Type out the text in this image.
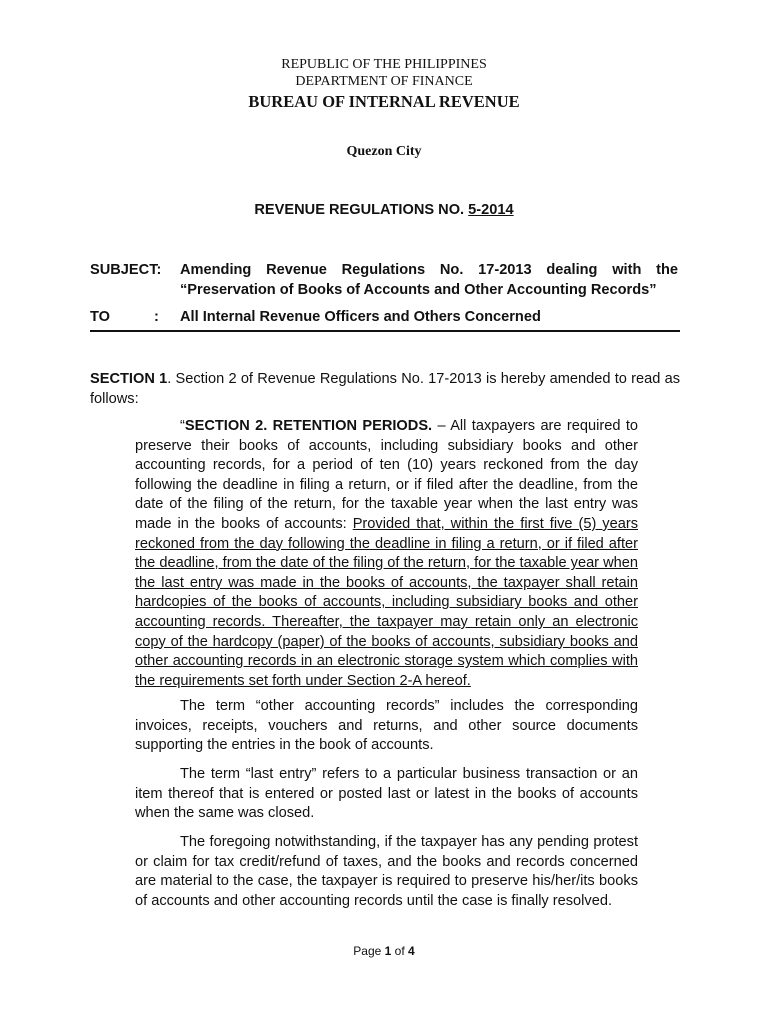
REPUBLIC OF THE PHILIPPINES
DEPARTMENT OF FINANCE
BUREAU OF INTERNAL REVENUE
Quezon City
REVENUE REGULATIONS NO. 5-2014
SUBJECT: Amending Revenue Regulations No. 17-2013 dealing with the
“Preservation of Books of Accounts and Other Accounting Records”
TO	: All Internal Revenue Officers and Others Concerned
SECTION 1. Section 2 of Revenue Regulations No. 17-2013 is hereby amended to read as follows:
“SECTION 2. RETENTION PERIODS. – All taxpayers are required to preserve their books of accounts, including subsidiary books and other accounting records, for a period of ten (10) years reckoned from the day following the deadline in filing a return, or if filed after the deadline, from the date of the filing of the return, for the taxable year when the last entry was made in the books of accounts: Provided that, within the first five (5) years reckoned from the day following the deadline in filing a return, or if filed after the deadline, from the date of the filing of the return, for the taxable year when the last entry was made in the books of accounts, the taxpayer shall retain hardcopies of the books of accounts, including subsidiary books and other accounting records. Thereafter, the taxpayer may retain only an electronic copy of the hardcopy (paper) of the books of accounts, subsidiary books and other accounting records in an electronic storage system which complies with the requirements set forth under Section 2-A hereof.
The term “other accounting records” includes the corresponding invoices, receipts, vouchers and returns, and other source documents supporting the entries in the book of accounts.
The term “last entry” refers to a particular business transaction or an item thereof that is entered or posted last or latest in the books of accounts when the same was closed.
The foregoing notwithstanding, if the taxpayer has any pending protest or claim for tax credit/refund of taxes, and the books and records concerned are material to the case, the taxpayer is required to preserve his/her/its books of accounts and other accounting records until the case is finally resolved.
Page 1 of 4
